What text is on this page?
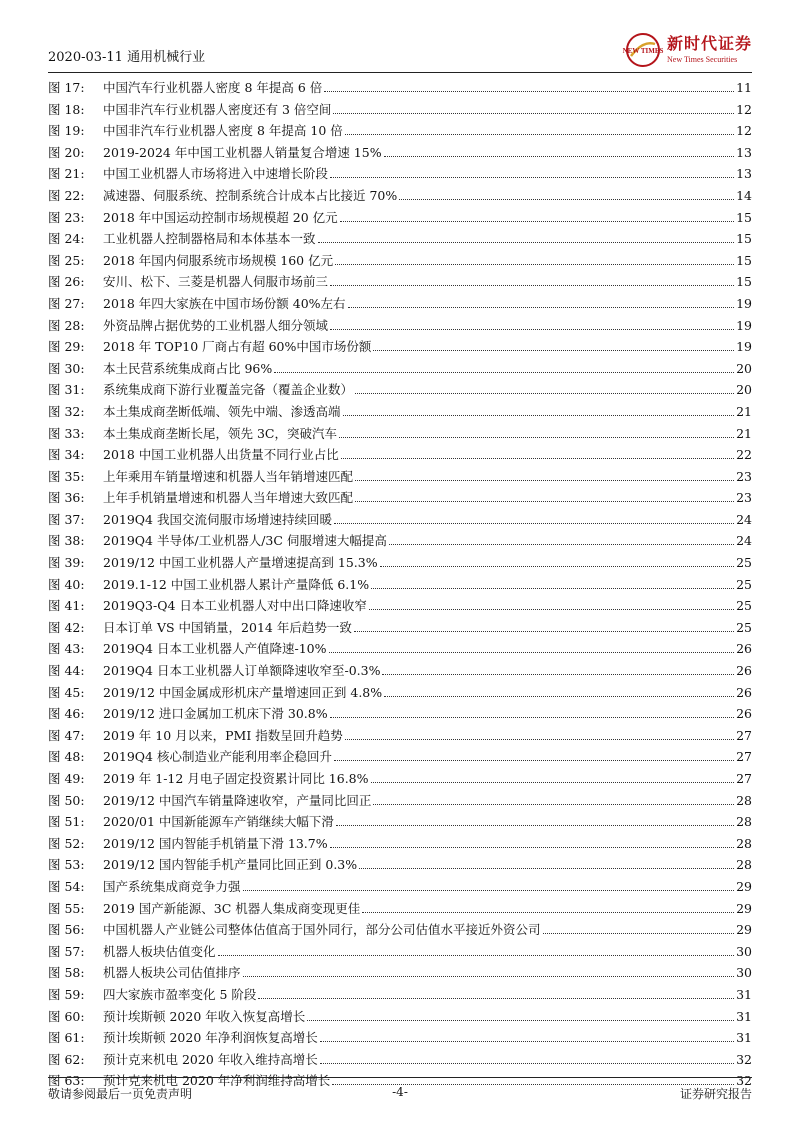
2020-03-11 通用机械行业	NEW TIMES 新时代证券
New Times Securities
图 17:	中国汽车行业机器人密度 8 年提高 6 倍	11
图 18:	中国非汽车行业机器人密度还有 3 倍空间	12
图 19:	中国非汽车行业机器人密度 8 年提高 10 倍	12
图 20:	2019-2024 年中国工业机器人销量复合增速 15%	13
图 21:	中国工业机器人市场将进入中速增长阶段	13
图 22:	减速器、伺服系统、控制系统合计成本占比接近 70%	14
图 23:	2018 年中国运动控制市场规模超 20 亿元	15
图 24:	工业机器人控制器格局和本体基本一致	15
图 25:	2018 年国内伺服系统市场规模 160 亿元	15
图 26:	安川、松下、三菱是机器人伺服市场前三	15
图 27:	2018 年四大家族在中国市场份额 40%左右	19
图 28:	外资品牌占据优势的工业机器人细分领域	19
图 29:	2018 年 TOP10 厂商占有超 60%中国市场份额	19
图 30:	本土民营系统集成商占比 96%	20
图 31:	系统集成商下游行业覆盖完备（覆盖企业数）	20
图 32:	本土集成商垄断低端、领先中端、渗透高端	21
图 33:	本土集成商垄断长尾，领先 3C，突破汽车	21
图 34:	2018 中国工业机器人出货量不同行业占比	22
图 35:	上年乘用车销量增速和机器人当年销增速匹配	23
图 36:	上年手机销量增速和机器人当年增速大致匹配	23
图 37:	2019Q4 我国交流伺服市场增速持续回暖	24
图 38:	2019Q4 半导体/工业机器人/3C 伺服增速大幅提高	24
图 39:	2019/12 中国工业机器人产量增速提高到 15.3%	25
图 40:	2019.1-12 中国工业机器人累计产量降低 6.1%	25
图 41:	2019Q3-Q4 日本工业机器人对中出口降速收窄	25
图 42:	日本订单 VS 中国销量，2014 年后趋势一致	25
图 43:	2019Q4 日本工业机器人产值降速-10%	26
图 44:	2019Q4 日本工业机器人订单额降速收窄至-0.3%	26
图 45:	2019/12 中国金属成形机床产量增速回正到 4.8%	26
图 46:	2019/12 进口金属加工机床下滑 30.8%	26
图 47:	2019 年 10 月以来，PMI 指数呈回升趋势	27
图 48:	2019Q4 核心制造业产能利用率企稳回升	27
图 49:	2019 年 1-12 月电子固定投资累计同比 16.8%	27
图 50:	2019/12 中国汽车销量降速收窄，产量同比回正	28
图 51:	2020/01 中国新能源车产销继续大幅下滑	28
图 52:	2019/12 国内智能手机销量下滑 13.7%	28
图 53:	2019/12 国内智能手机产量同比回正到 0.3%	28
图 54:	国产系统集成商竞争力强	29
图 55:	2019 国产新能源、3C 机器人集成商变现更佳	29
图 56:	中国机器人产业链公司整体估值高于国外同行，部分公司估值水平接近外资公司	29
图 57:	机器人板块估值变化	30
图 58:	机器人板块公司估值排序	30
图 59:	四大家族市盈率变化 5 阶段	31
图 60:	预计埃斯顿 2020 年收入恢复高增长	31
图 61:	预计埃斯顿 2020 年净利润恢复高增长	31
图 62:	预计克来机电 2020 年收入维持高增长	32
图 63:	预计克来机电 2020 年净利润维持高增长	32
敬请参阅最后一页免责声明	-4-	证券研究报告
